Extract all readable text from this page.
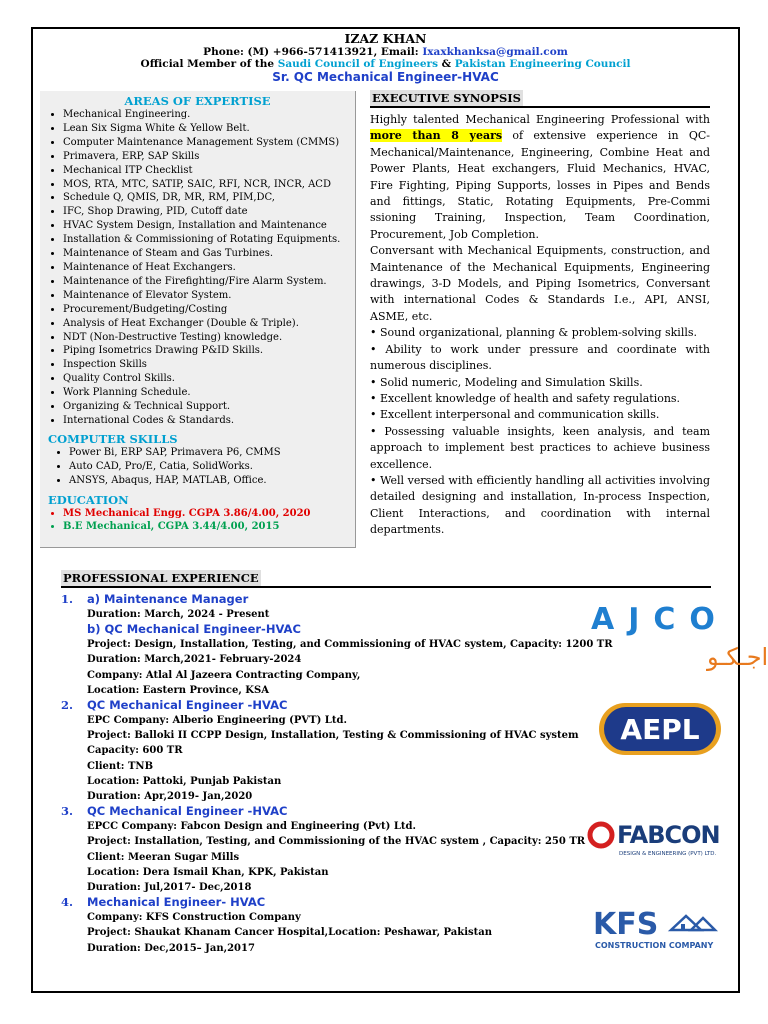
IZAZ KHAN
Phone: (M) +966-571413921, Email: Ixaxkhanksa@gmail.com
Official Member of the Saudi Council of Engineers & Pakistan Engineering Council
Sr. QC Mechanical Engineer-HVAC
AREAS OF EXPERTISE
• Mechanical Engineering.
• Lean Six Sigma White & Yellow Belt.
• Computer Maintenance Management System (CMMS)
• Primavera, ERP, SAP Skills
• Mechanical ITP Checklist
• MOS, RTA, MTC, SATIP, SAIC, RFI, NCR, INCR, ACD
• Schedule Q, QMIS, DR, MR, RM, PIM,DC,
• IFC, Shop Drawing, PID, Cutoff date
• HVAC System Design, Installation and Maintenance
• Installation & Commissioning of Rotating Equipments.
• Maintenance of Steam and Gas Turbines.
• Maintenance of Heat Exchangers.
• Maintenance of the Firefighting/Fire Alarm System.
• Maintenance of Elevator System.
• Procurement/Budgeting/Costing
• Analysis of Heat Exchanger (Double & Triple).
• NDT (Non-Destructive Testing) knowledge.
• Piping Isometrics Drawing P&ID Skills.
• Inspection Skills
• Quality Control Skills.
• Work Planning Schedule.
• Organizing & Technical Support.
• International Codes & Standards.
COMPUTER SKILLS
• Power Bi, ERP SAP, Primavera P6, CMMS
• Auto CAD, Pro/E, Catia, SolidWorks.
• ANSYS, Abaqus, HAP, MATLAB, Office.
EDUCATION
• MS Mechanical Engg. CGPA 3.86/4.00, 2020
• B.E Mechanical, CGPA 3.44/4.00, 2015
EXECUTIVE SYNOPSIS
Highly talented Mechanical Engineering Professional with more than 8 years of extensive experience in QC-Mechanical/Maintenance, Engineering, Combine Heat and Power Plants, Heat exchangers, Fluid Mechanics, HVAC, Fire Fighting, Piping Supports, losses in Pipes and Bends and fittings, Static, Rotating Equipments, Pre-Commi ssioning Training, Inspection, Team Coordination, Procurement, Job Completion.
Conversant with Mechanical Equipments, construction, and Maintenance of the Mechanical Equipments, Engineering drawings, 3-D Models, and Piping Isometrics, Conversant with international Codes & Standards I.e., API, ANSI, ASME, etc.
• Sound organizational, planning & problem-solving skills.
• Ability to work under pressure and coordinate with numerous disciplines.
• Solid numeric, Modeling and Simulation Skills.
• Excellent knowledge of health and safety regulations.
• Excellent interpersonal and communication skills.
• Possessing valuable insights, keen analysis, and team approach to implement best practices to achieve business excellence.
• Well versed with efficiently handling all activities involving detailed designing and installation, In-process Inspection, Client Interactions, and coordination with internal departments.
PROFESSIONAL EXPERIENCE
1. a) Maintenance Manager
Duration: March, 2024 - Present
b) QC Mechanical Engineer-HVAC
Project: Design, Installation, Testing, and Commissioning of HVAC system, Capacity: 1200 TR
Duration: March,2021- February-2024
Company: Atlal Al Jazeera Contracting Company,
Location: Eastern Province, KSA
2. QC Mechanical Engineer -HVAC
EPC Company: Alberio Engineering (PVT) Ltd.
Project: Balloki II CCPP Design, Installation, Testing & Commissioning of HVAC system
Capacity: 600 TR
Client: TNB
Location: Pattoki, Punjab Pakistan
Duration: Apr,2019- Jan,2020
3. QC Mechanical Engineer -HVAC
EPCC Company: Fabcon Design and Engineering (Pvt) Ltd.
Project: Installation, Testing, and Commissioning of the HVAC system , Capacity: 250 TR
Client: Meeran Sugar Mills
Location: Dera Ismail Khan, KPK, Pakistan
Duration: Jul,2017- Dec,2018
4. Mechanical Engineer- HVAC
Company: KFS Construction Company
Project: Shaukat Khanam Cancer Hospital,Location: Peshawar, Pakistan
Duration: Dec,2015– Jan,2017
AJCO
اجـكـو
AEPL
FABCON
DESIGN & ENGINEERING (PVT) LTD.
KFS
CONSTRUCTION COMPANY
